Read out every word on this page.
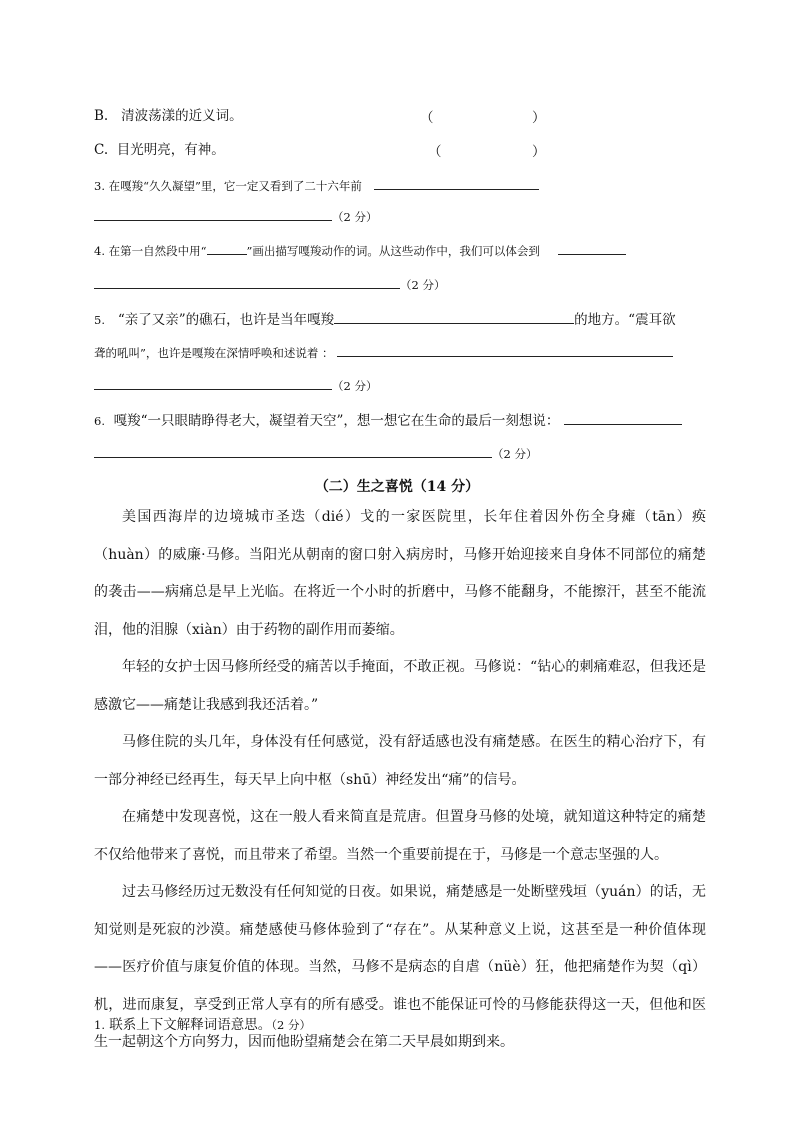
B. 清波荡漾的近义词。	（	）
C. 目光明亮，有神。	（	）
3. 在嘎羧“久久凝望”里，它一定又看到了二十六年前
（2 分）
4. 在第一自然段中用“	”画出描写嘎羧动作的词。从这些动作中，我们可以体会到
（2 分）
5. “亲了又亲”的礁石，也许是当年嘎羧	的地方。“震耳欲
聋的吼叫”，也许是嘎羧在深情呼唤和述说着 ：
（2 分）
6. 嘎羧“一只眼睛睁得老大，凝望着天空”，想一想它在生命的最后一刻想说：
（2 分）
（二）生之喜悦（14 分）

美国西海岸的边境城市圣迭（dié）戈的一家医院里，长年住着因外伤全身瘫（tān）痪（huàn）的威廉·马修。当阳光从朝南的窗口射入病房时，马修开始迎接来自身体不同部位的痛楚的袭击——病痛总是早上光临。在将近一个小时的折磨中，马修不能翻身，不能擦汗，甚至不能流泪，他的泪腺（xiàn）由于药物的副作用而萎缩。

年轻的女护士因马修所经受的痛苦以手掩面，不敢正视。马修说：“钻心的刺痛难忍，但我还是感激它——痛楚让我感到我还活着。”

马修住院的头几年，身体没有任何感觉，没有舒适感也没有痛楚感。在医生的精心治疗下，有一部分神经已经再生，每天早上向中枢（shū）神经发出“痛”的信号。

在痛楚中发现喜悦，这在一般人看来简直是荒唐。但置身马修的处境，就知道这种特定的痛楚不仅给他带来了喜悦，而且带来了希望。当然一个重要前提在于，马修是一个意志坚强的人。

过去马修经历过无数没有任何知觉的日夜。如果说，痛楚感是一处断壁残垣（yuán）的话，无知觉则是死寂的沙漠。痛楚感使马修体验到了“存在”。从某种意义上说，这甚至是一种价值体现——医疗价值与康复价值的体现。当然，马修不是病态的自虐（nüè）狂，他把痛楚作为契（qì）机，进而康复，享受到正常人享有的所有感受。谁也不能保证可怜的马修能获得这一天，但他和医生一起朝这个方向努力，因而他盼望痛楚会在第二天早晨如期到来。

1. 联系上下文解释词语意思。（2 分）
